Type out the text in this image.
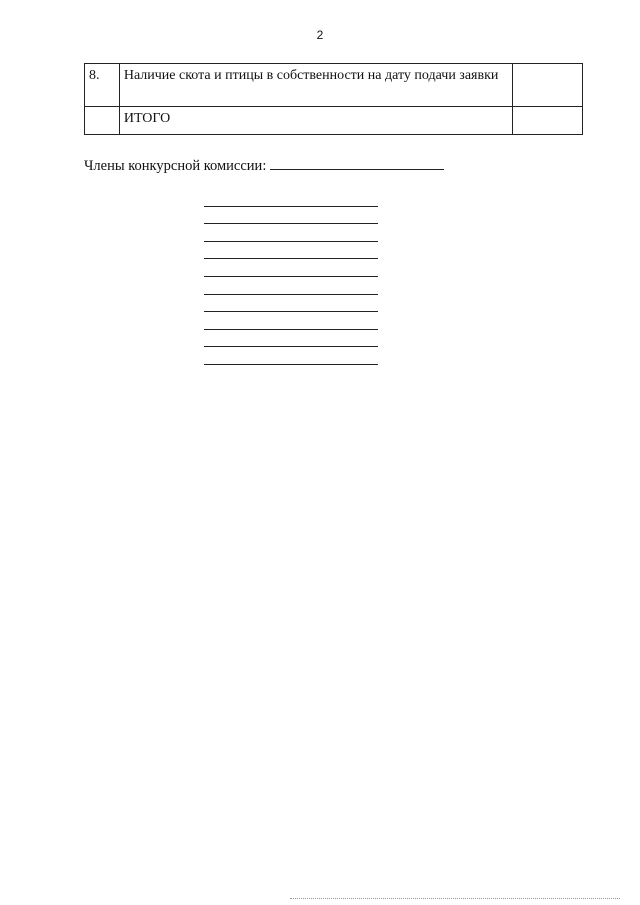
2
8.	Наличие скота и птицы в собственности на дату подачи заявки	
	ИТОГО	
Члены конкурсной комиссии:
